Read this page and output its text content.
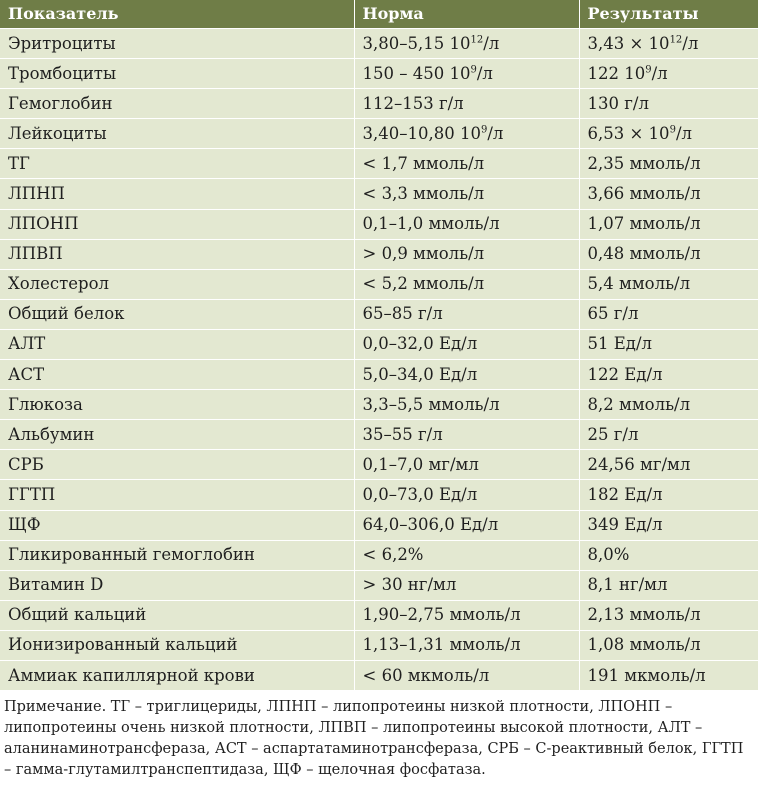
Показатель	Норма	Результаты
Эритроциты	3,80–5,15 $10^{12}/л$	$3,43 \times 10^{12}/л$
Тромбоциты	150 – 450 $10^9/л$	122 $10^9/л$
Гемоглобин	112–153 г/л	130 г/л
Лейкоциты	3,40–10,80 $10^9/л$	$6,53 \times 10^9/л$
ТГ	< 1,7 ммоль/л	2,35 ммоль/л
ЛПНП	< 3,3 ммоль/л	3,66 ммоль/л
ЛПОНП	0,1–1,0 ммоль/л	1,07 ммоль/л
ЛПВП	> 0,9 ммоль/л	0,48 ммоль/л
Холестерол	< 5,2 ммоль/л	5,4 ммоль/л
Общий белок	65–85 г/л	65 г/л
АЛТ	0,0–32,0 Ед/л	51 Ед/л
АСТ	5,0–34,0 Ед/л	122 Ед/л
Глюкоза	3,3–5,5 ммоль/л	8,2 ммоль/л
Альбумин	35–55 г/л	25 г/л
СРБ	0,1–7,0 мг/мл	24,56 мг/мл
ГГТП	0,0–73,0 Ед/л	182 Ед/л
ЩФ	64,0–306,0 Ед/л	349 Ед/л
Гликированный гемоглобин	< 6,2%	8,0%
Витамин D	> 30 нг/мл	8,1 нг/мл
Общий кальций	1,90–2,75 ммоль/л	2,13 ммоль/л
Ионизированный кальций	1,13–1,31 ммоль/л	1,08 ммоль/л
Аммиак капиллярной крови	< 60 мкмоль/л	191 мкмоль/л
Примечание. ТГ – триглицериды, ЛПНП – липопротеины низкой плотности, ЛПОНП – липопротеины очень низкой плотности, ЛПВП – липопротеины высокой плотности, АЛТ – аланинаминотрансфераза, АСТ – аспартатаминотрансфераза, СРБ – С-реактивный белок, ГГТП – гамма-глутамилтранспептидаза, ЩФ – щелочная фосфатаза.
